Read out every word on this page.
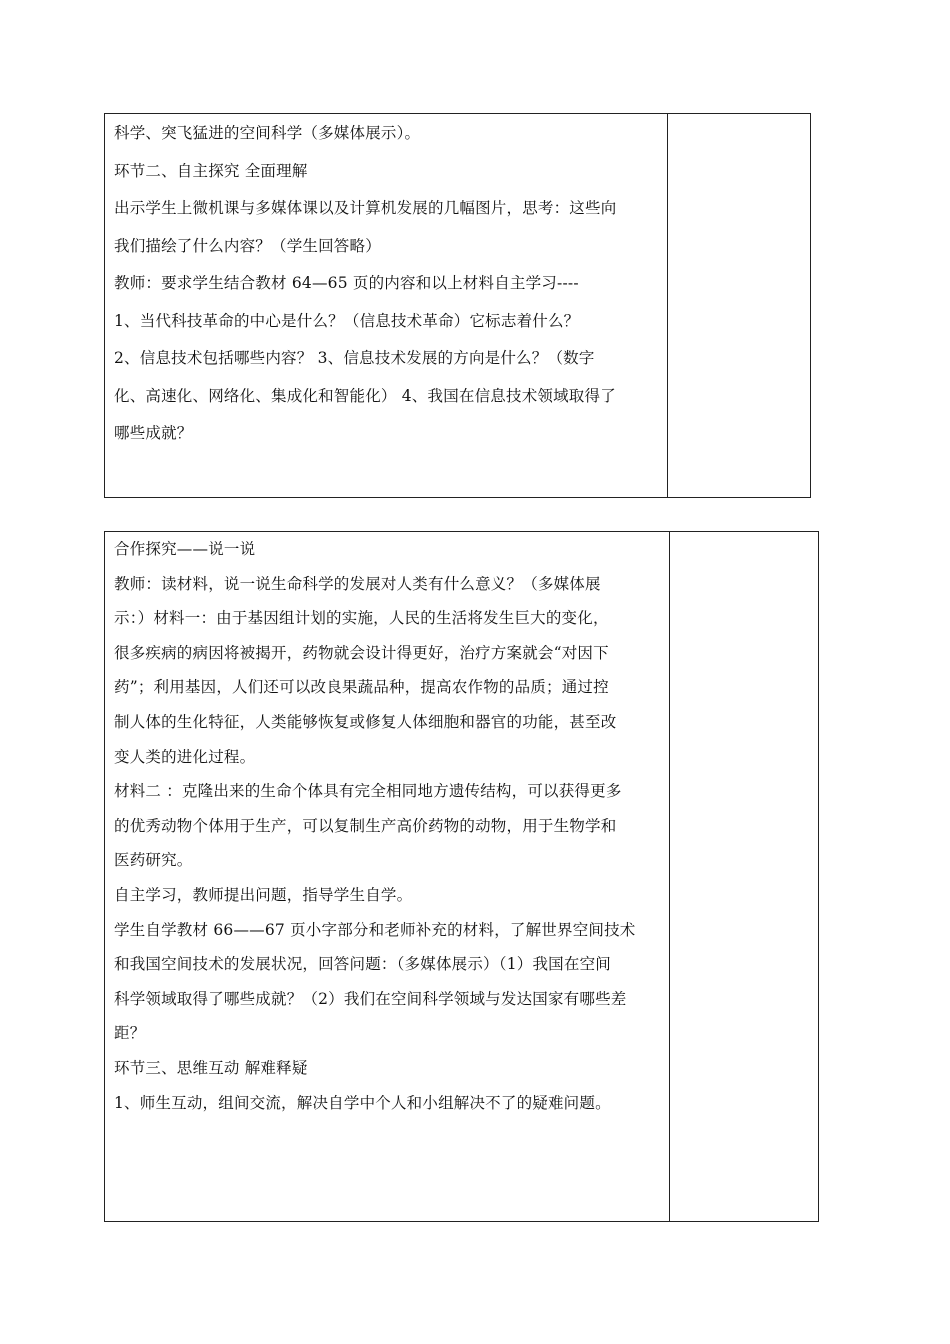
科学、突飞猛进的空间科学（多媒体展示）。
环节二、自主探究 全面理解
出示学生上微机课与多媒体课以及计算机发展的几幅图片，思考：这些向
我们描绘了什么内容？（学生回答略）
教师：要求学生结合教材 64—65 页的内容和以上材料自主学习----
1、当代科技革命的中心是什么？（信息技术革命）它标志着什么？
2、信息技术包括哪些内容？ 3、信息技术发展的方向是什么？（数字
化、高速化、网络化、集成化和智能化） 4、我国在信息技术领域取得了
哪些成就？
合作探究——说一说
教师：读材料，说一说生命科学的发展对人类有什么意义？（多媒体展
示：）材料一：由于基因组计划的实施，人民的生活将发生巨大的变化，
很多疾病的病因将被揭开，药物就会设计得更好，治疗方案就会“对因下
药”；利用基因，人们还可以改良果蔬品种，提高农作物的品质；通过控
制人体的生化特征，人类能够恢复或修复人体细胞和器官的功能，甚至改
变人类的进化过程。
材料二 ：克隆出来的生命个体具有完全相同地方遗传结构，可以获得更多
的优秀动物个体用于生产，可以复制生产高价药物的动物，用于生物学和
医药研究。
自主学习，教师提出问题，指导学生自学。
学生自学教材 66——67 页小字部分和老师补充的材料，了解世界空间技术
和我国空间技术的发展状况，回答问题：（多媒体展示）（1）我国在空间
科学领域取得了哪些成就？（2）我们在空间科学领域与发达国家有哪些差
距？
环节三、思维互动 解难释疑
1、师生互动，组间交流，解决自学中个人和小组解决不了的疑难问题。
